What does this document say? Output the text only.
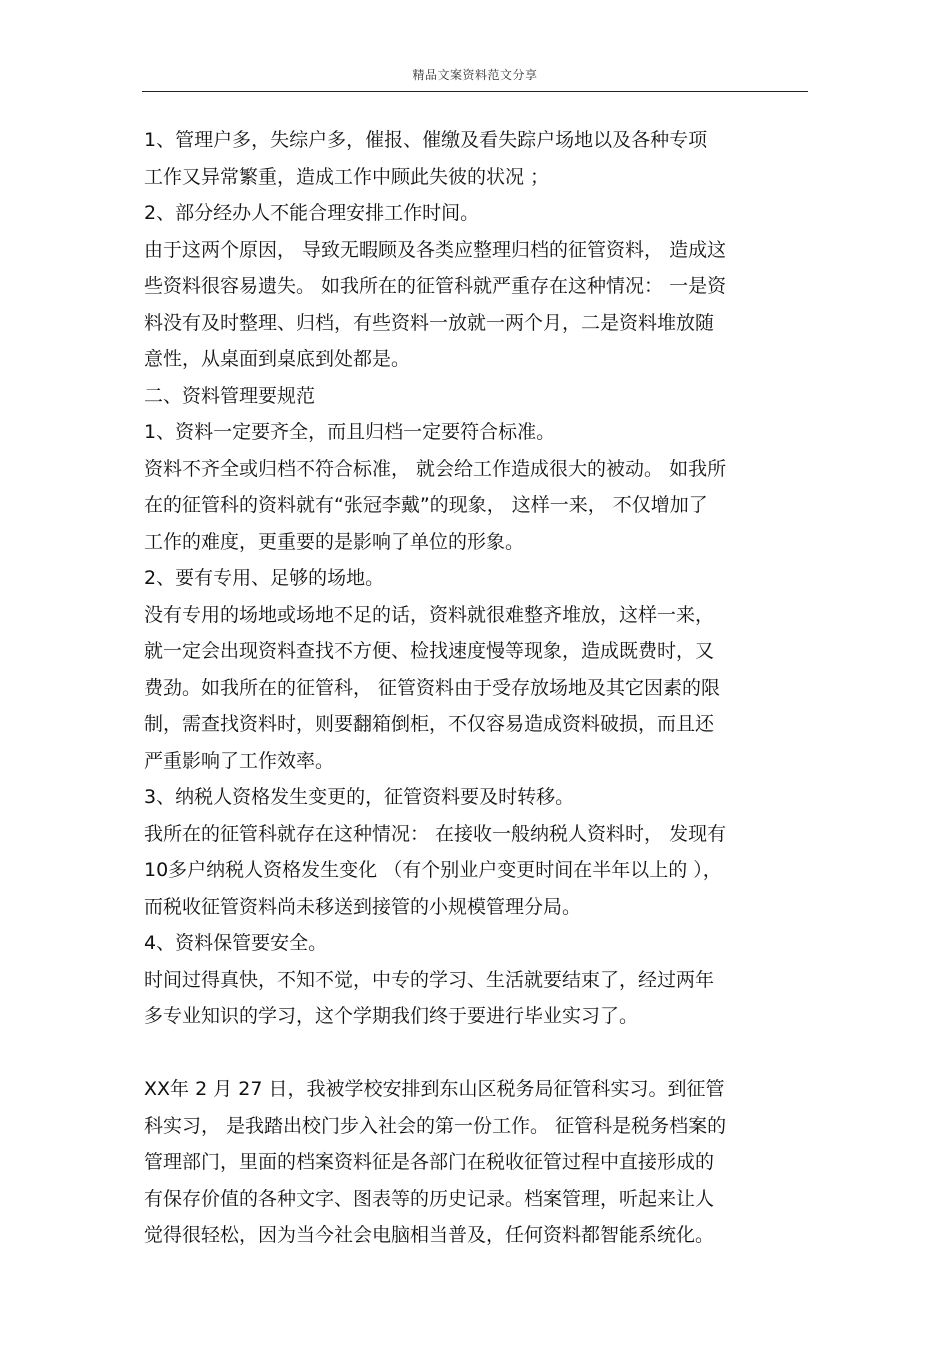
精品文案资料范文分享
1、管理户多，失综户多，催报、催缴及看失踪户场地以及各种专项
工作又异常繁重，造成工作中顾此失彼的状况 ；
2、部分经办人不能合理安排工作时间。
由于这两个原因， 导致无暇顾及各类应整理归档的征管资料， 造成这
些资料很容易遗失。 如我所在的征管科就严重存在这种情况： 一是资
料没有及时整理、归档，有些资料一放就一两个月，二是资料堆放随
意性，从桌面到桌底到处都是。
二、资料管理要规范
1、资料一定要齐全，而且归档一定要符合标准。
资料不齐全或归档不符合标准， 就会给工作造成很大的被动。 如我所
在的征管科的资料就有“张冠李戴”的现象， 这样一来， 不仅增加了
工作的难度，更重要的是影响了单位的形象。
2、要有专用、足够的场地。
没有专用的场地或场地不足的话，资料就很难整齐堆放，这样一来，
就一定会出现资料查找不方便、检找速度慢等现象，造成既费时，又
费劲。如我所在的征管科， 征管资料由于受存放场地及其它因素的限
制，需查找资料时，则要翻箱倒柜，不仅容易造成资料破损，而且还
严重影响了工作效率。
3、纳税人资格发生变更的，征管资料要及时转移。
我所在的征管科就存在这种情况： 在接收一般纳税人资料时， 发现有
10多户纳税人资格发生变化 （有个别业户变更时间在半年以上的 ），
而税收征管资料尚未移送到接管的小规模管理分局。
4、资料保管要安全。
时间过得真快，不知不觉，中专的学习、生活就要结束了，经过两年
多专业知识的学习，这个学期我们终于要进行毕业实习了。
XX年 2 月 27 日，我被学校安排到东山区税务局征管科实习。到征管
科实习， 是我踏出校门步入社会的第一份工作。 征管科是税务档案的
管理部门，里面的档案资料征是各部门在税收征管过程中直接形成的
有保存价值的各种文字、图表等的历史记录。档案管理，听起来让人
觉得很轻松，因为当今社会电脑相当普及，任何资料都智能系统化。
